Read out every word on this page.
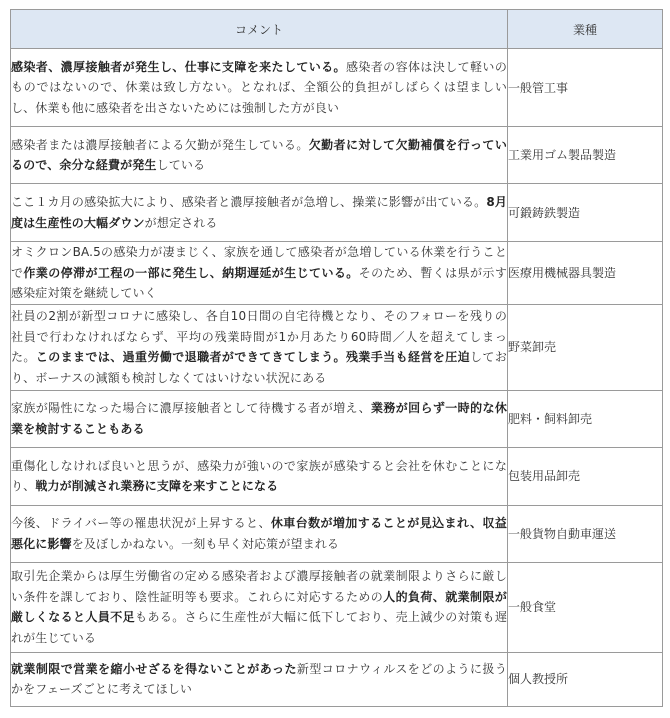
コメント	業種
感染者、濃厚接触者が発生し、仕事に支障を来たしている。感染者の容体は決して軽いのものではないので、休業は致し方ない。となれば、全額公的負担がしばらくは望ましいし、休業も他に感染者を出さないためには強制した方が良い	一般管工事
感染者または濃厚接触者による欠勤が発生している。欠勤者に対して欠勤補償を行っているので、余分な経費が発生している	工業用ゴム製品製造
ここ１カ月の感染拡大により、感染者と濃厚接触者が急増し、操業に影響が出ている。8月度は生産性の大幅ダウンが想定される	可鍛鋳鉄製造
オミクロンBA.5の感染力が凄まじく、家族を通して感染者が急増している休業を行うことで作業の停滞が工程の一部に発生し、納期遅延が生じている。そのため、暫くは県が示す感染症対策を継続していく	医療用機械器具製造
社員の2割が新型コロナに感染し、各自10日間の自宅待機となり、そのフォローを残りの社員で行わなければならず、平均の残業時間が1か月あたり60時間／人を超えてしまった。このままでは、過重労働で退職者ができてきてしまう。残業手当も経営を圧迫しており、ボーナスの減額も検討しなくてはいけない状況にある	野菜卸売
家族が陽性になった場合に濃厚接触者として待機する者が増え、業務が回らず一時的な休業を検討することもある	肥料・飼料卸売
重傷化しなければ良いと思うが、感染力が強いので家族が感染すると会社を休むことになり、戦力が削減され業務に支障を来すことになる	包装用品卸売
今後、ドライバー等の罹患状況が上昇すると、休車台数が増加することが見込まれ、収益悪化に影響を及ぼしかねない。一刻も早く対応策が望まれる	一般貨物自動車運送
取引先企業からは厚生労働省の定める感染者および濃厚接触者の就業制限よりさらに厳しい条件を課しており、陰性証明等も要求。これらに対応するための人的負荷、就業制限が厳しくなると人員不足もある。さらに生産性が大幅に低下しており、売上減少の対策も遅れが生じている	一般食堂
就業制限で営業を縮小せざるを得ないことがあった新型コロナウィルスをどのように扱うかをフェーズごとに考えてほしい	個人教授所
